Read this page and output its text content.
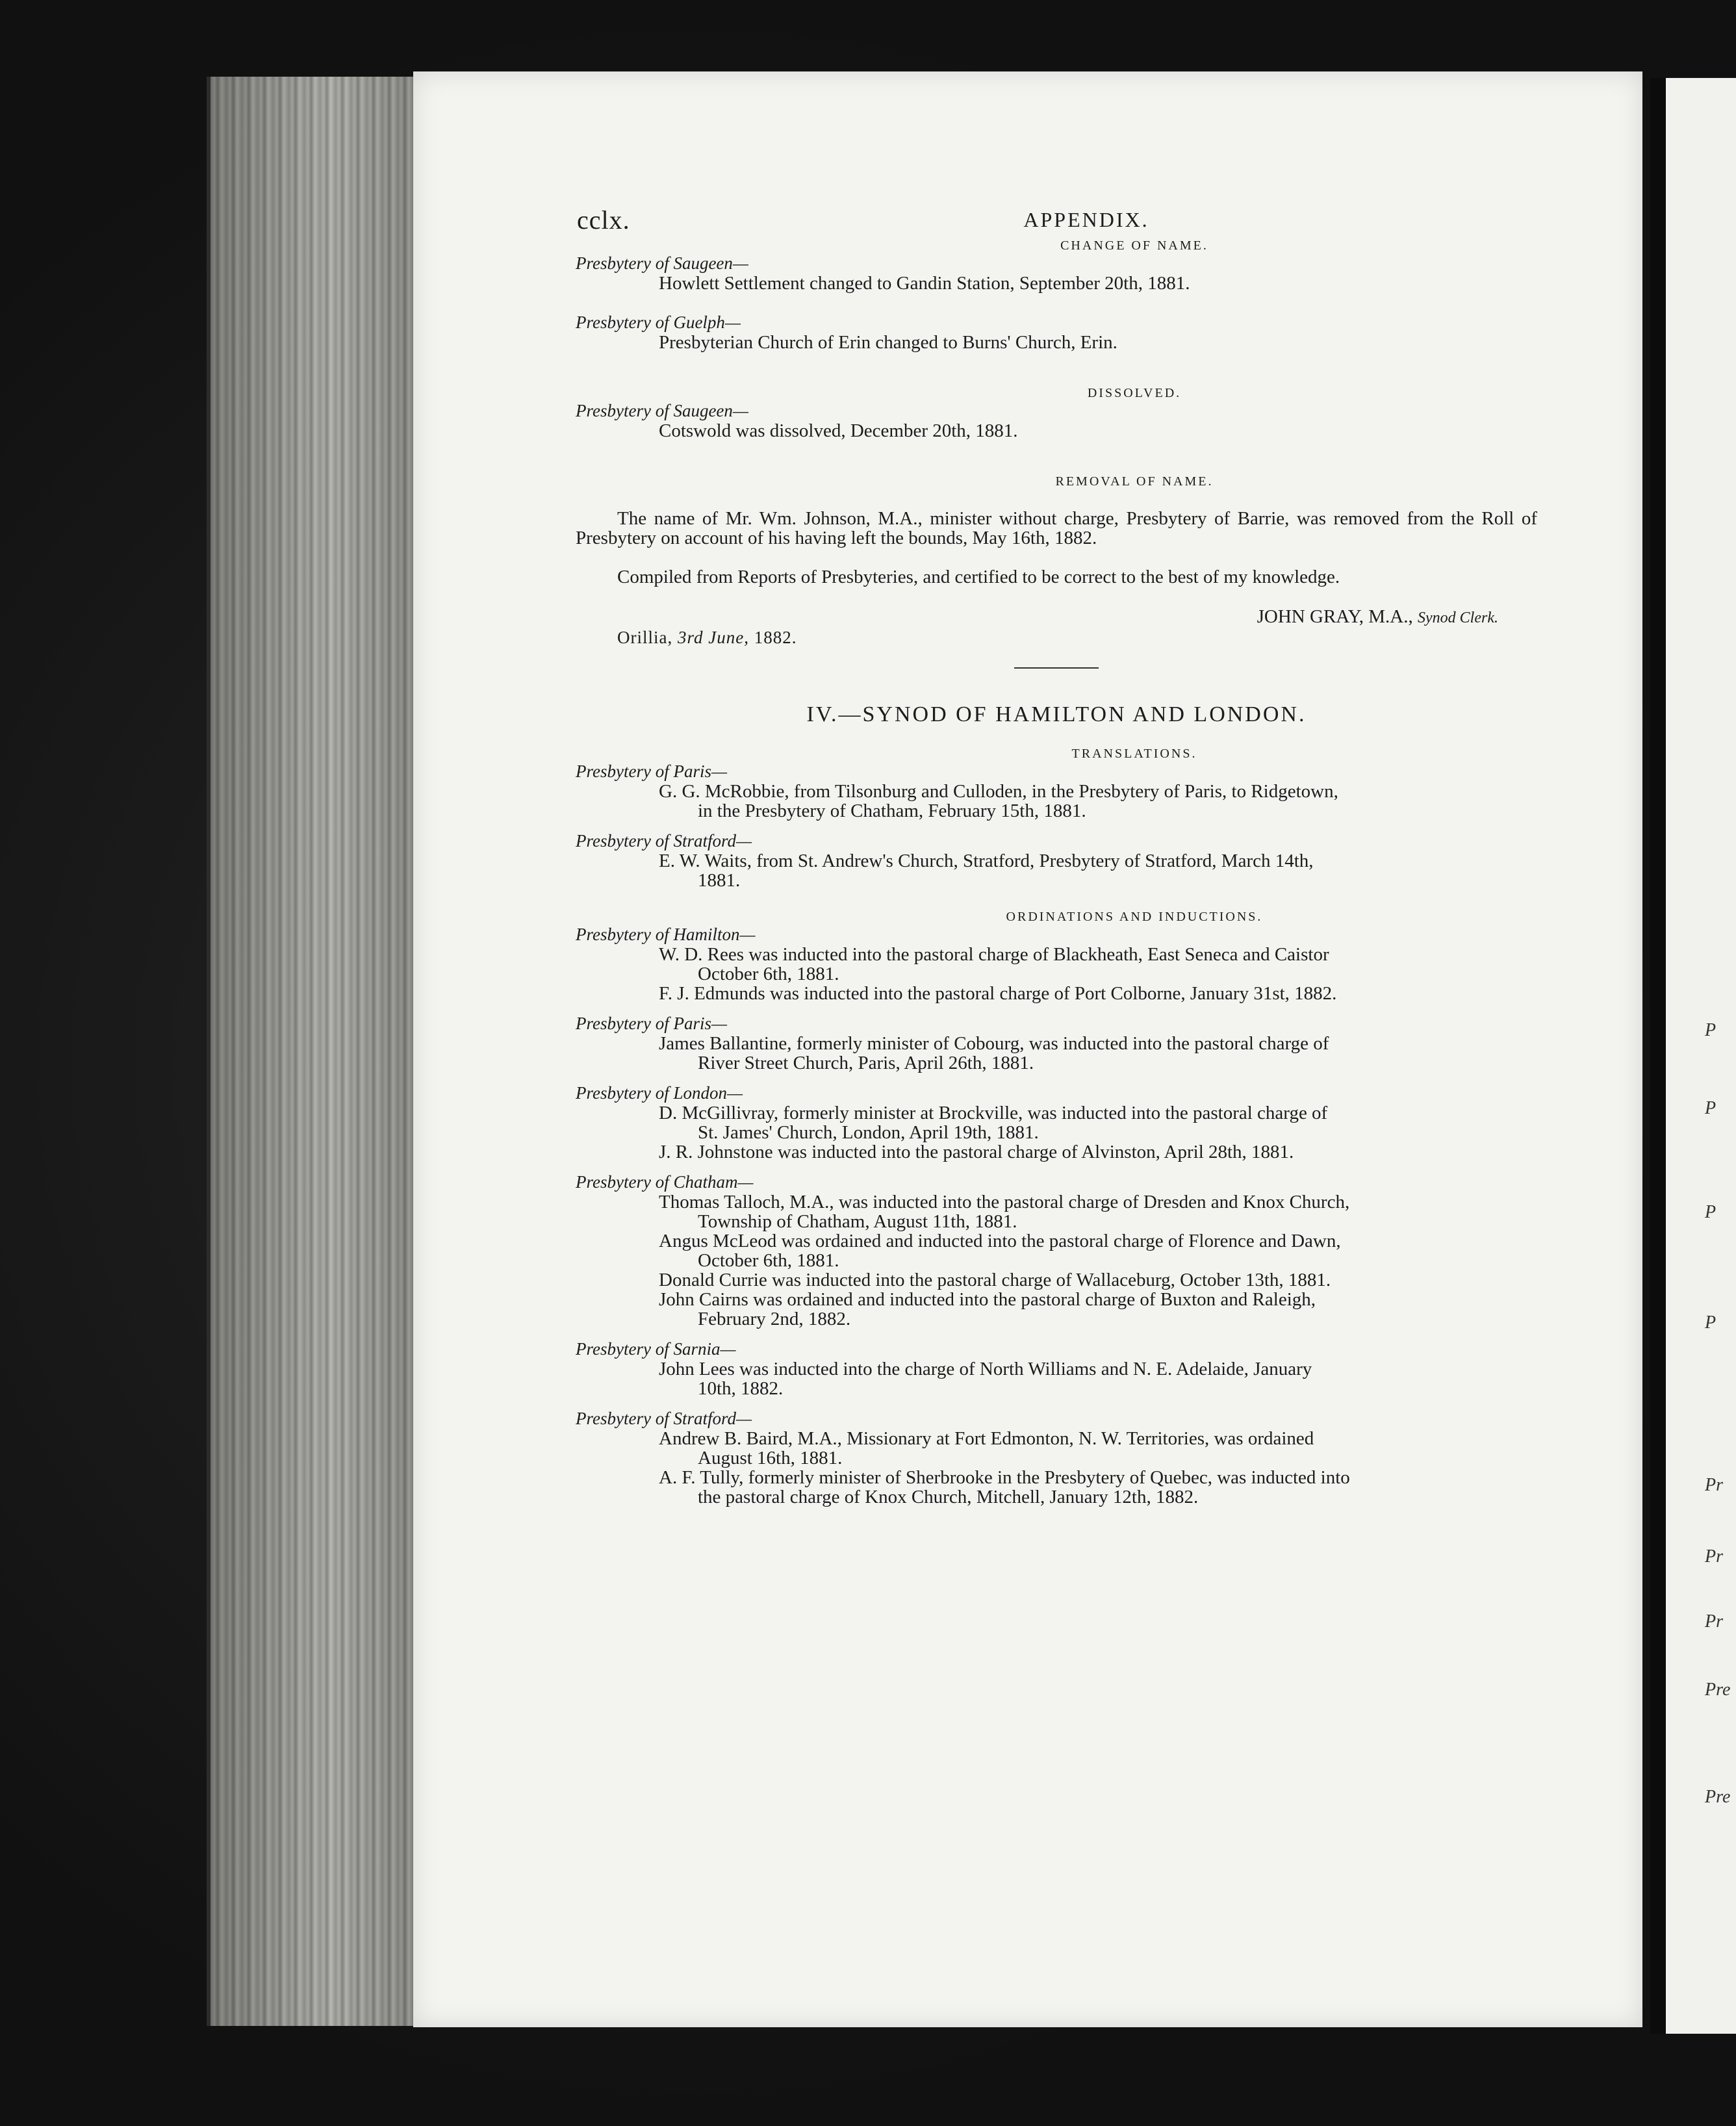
P
P
P
P
Pr
Pr
Pr
Pre
Pre
cclx.	APPENDIX.

CHANGE OF NAME.

Presbytery of Saugeen—

Howlett Settlement changed to Gandin Station, September 20th, 1881.

Presbytery of Guelph—

Presbyterian Church of Erin changed to Burns' Church, Erin.

DISSOLVED.

Presbytery of Saugeen—

Cotswold was dissolved, December 20th, 1881.

REMOVAL OF NAME.

The name of Mr. Wm. Johnson, M.A., minister without charge, Presbytery of Barrie, was removed from the Roll of Presbytery on account of his having left the bounds, May 16th, 1882.

Compiled from Reports of Presbyteries, and certified to be correct to the best of my knowledge.

JOHN GRAY, M.A., Synod Clerk.

Orillia, 3rd June, 1882.

IV.—SYNOD OF HAMILTON AND LONDON.

TRANSLATIONS.

Presbytery of Paris—

G. G. McRobbie, from Tilsonburg and Culloden, in the Presbytery of Paris, to Ridgetown,
in the Presbytery of Chatham, February 15th, 1881.

Presbytery of Stratford—

E. W. Waits, from St. Andrew's Church, Stratford, Presbytery of Stratford, March 14th,
1881.

ORDINATIONS AND INDUCTIONS.

Presbytery of Hamilton—

W. D. Rees was inducted into the pastoral charge of Blackheath, East Seneca and Caistor
October 6th, 1881.

F. J. Edmunds was inducted into the pastoral charge of Port Colborne, January 31st, 1882.

Presbytery of Paris—

James Ballantine, formerly minister of Cobourg, was inducted into the pastoral charge of
River Street Church, Paris, April 26th, 1881.

Presbytery of London—

D. McGillivray, formerly minister at Brockville, was inducted into the pastoral charge of
St. James' Church, London, April 19th, 1881.

J. R. Johnstone was inducted into the pastoral charge of Alvinston, April 28th, 1881.

Presbytery of Chatham—

Thomas Talloch, M.A., was inducted into the pastoral charge of Dresden and Knox Church,
Township of Chatham, August 11th, 1881.

Angus McLeod was ordained and inducted into the pastoral charge of Florence and Dawn,
October 6th, 1881.

Donald Currie was inducted into the pastoral charge of Wallaceburg, October 13th, 1881.

John Cairns was ordained and inducted into the pastoral charge of Buxton and Raleigh,
February 2nd, 1882.

Presbytery of Sarnia—

John Lees was inducted into the charge of North Williams and N. E. Adelaide, January
10th, 1882.

Presbytery of Stratford—

Andrew B. Baird, M.A., Missionary at Fort Edmonton, N. W. Territories, was ordained
August 16th, 1881.

A. F. Tully, formerly minister of Sherbrooke in the Presbytery of Quebec, was inducted into
the pastoral charge of Knox Church, Mitchell, January 12th, 1882.
